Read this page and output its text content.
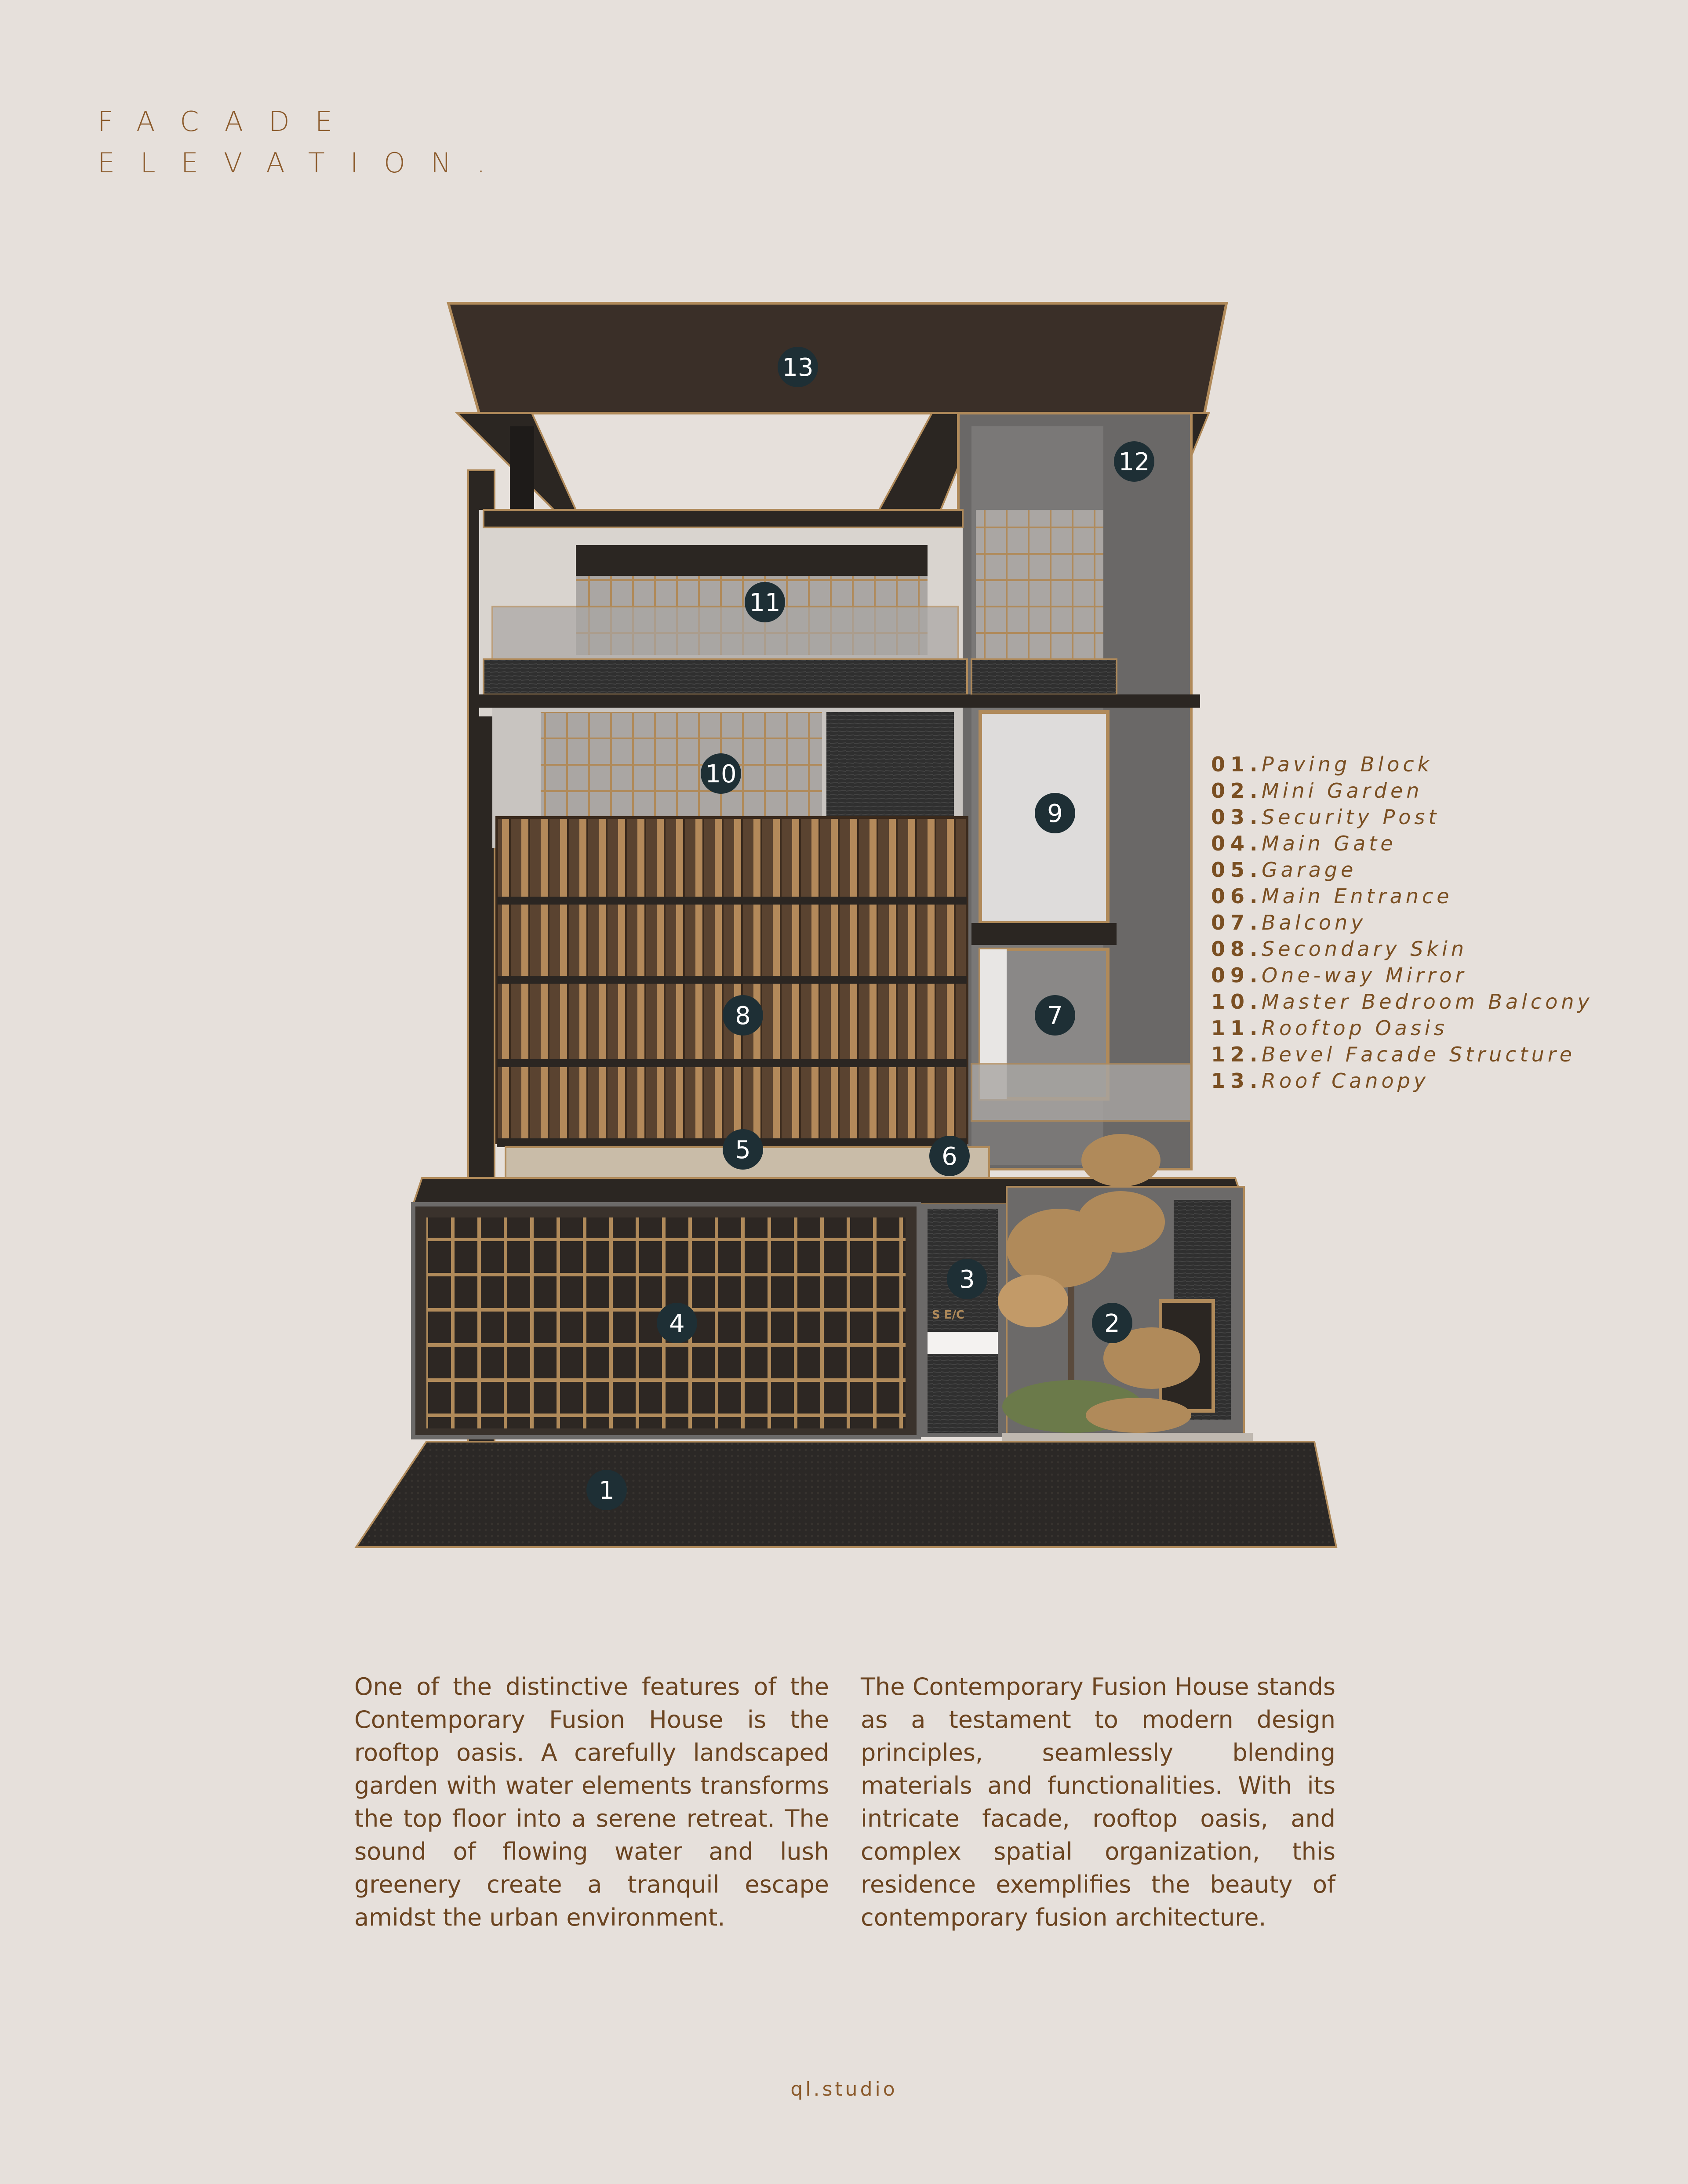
FACADE
ELEVATION.
S E/C
1
2
3
4
5	6
7
8
9
10
11
12
13
01.
Paving Block
02.
Mini Garden
03.
Security Post
04.
Main Gate
05.
Garage
06.
Main Entrance
07.
Balcony
08.
Secondary Skin
09.
One-way Mirror
10.
Master Bedroom Balcony
11.
Rooftop Oasis
12.
Bevel Facade Structure
13.
Roof Canopy
One of the distinctive features of the Contemporary Fusion House is the rooftop oasis. A carefully landscaped garden with water elements transforms the top floor into a serene retreat. The sound of flowing water and lush greenery create a tranquil escape amidst the urban environment.
The Contemporary Fusion House stands as a testament to modern design principles, seamlessly blending materials and functionalities. With its intricate facade, rooftop oasis, and complex spatial organization, this residence exemplifies the beauty of contemporary fusion architecture.
ql.studio
